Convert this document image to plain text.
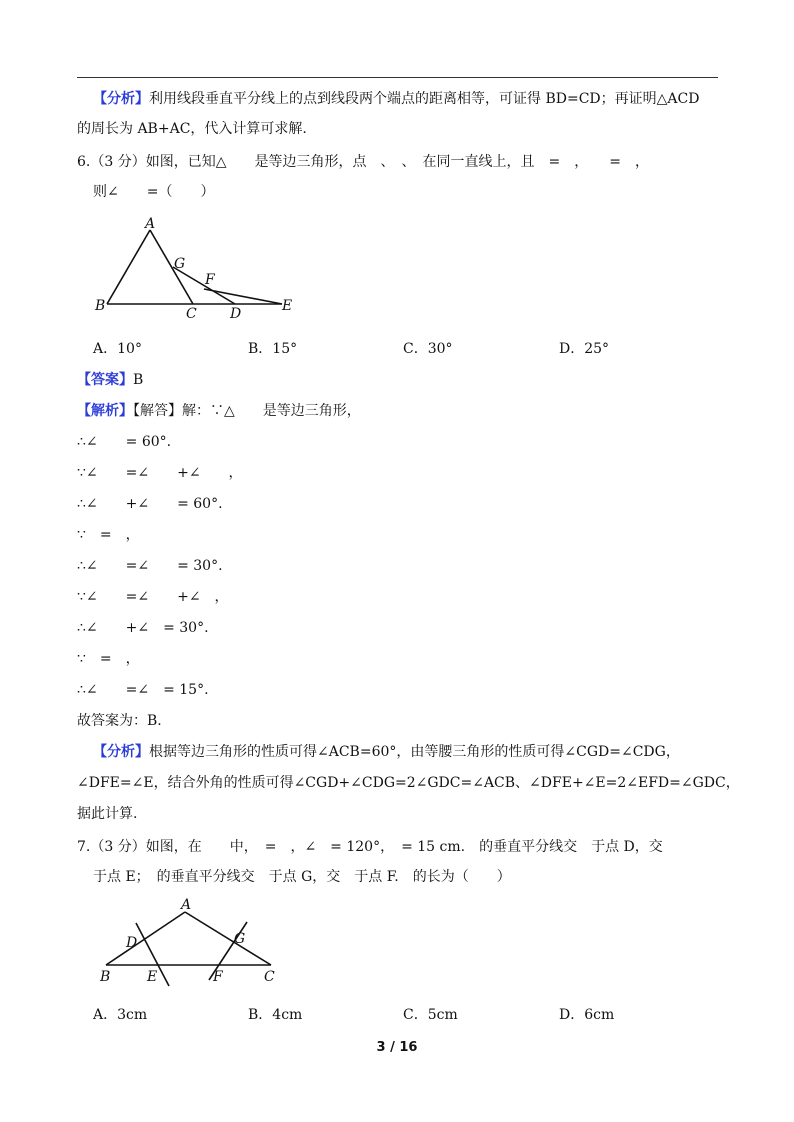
【分析】利用线段垂直平分线上的点到线段两个端点的距离相等，可证得 BD=CD；再证明△ACD
的周长为 AB+AC，代入计算可求解.
6.（3 分）如图，已知△　　是等边三角形，点　、　、　在同一直线上，且　=　，　　=　，
则∠　　=（　　）
A
G
F
B	C D	E
A．10°	B．15°	C．30°	D．25°
【答案】B
【解析】【解答】解：∵△　　是等边三角形，
∴∠　　= 60°.
∵∠　　=∠　　+∠　　，
∴∠　　+∠　　= 60°.
∵　=　，
∴∠　　=∠　　= 30°.
∵∠　　=∠　　+∠　，
∴∠　　+∠　= 30°.
∵　=　，
∴∠　　=∠　= 15°.
故答案为：B.
【分析】根据等边三角形的性质可得∠ACB=60°，由等腰三角形的性质可得∠CGD=∠CDG，
∠DFE=∠E，结合外角的性质可得∠CGD+∠CDG=2∠GDC=∠ACB、∠DFE+∠E=2∠EFD=∠GDC，
据此计算.
7.（3 分）如图，在　　中，　=　，∠　= 120°，　= 15 cm.　的垂直平分线交　于点 D，交
于点 E；　的垂直平分线交　于点 G，交　于点 F.　的长为（　　）
A
D	G
B	E	F	C
A．3cm	B．4cm	C．5cm	D．6cm
3 / 16
